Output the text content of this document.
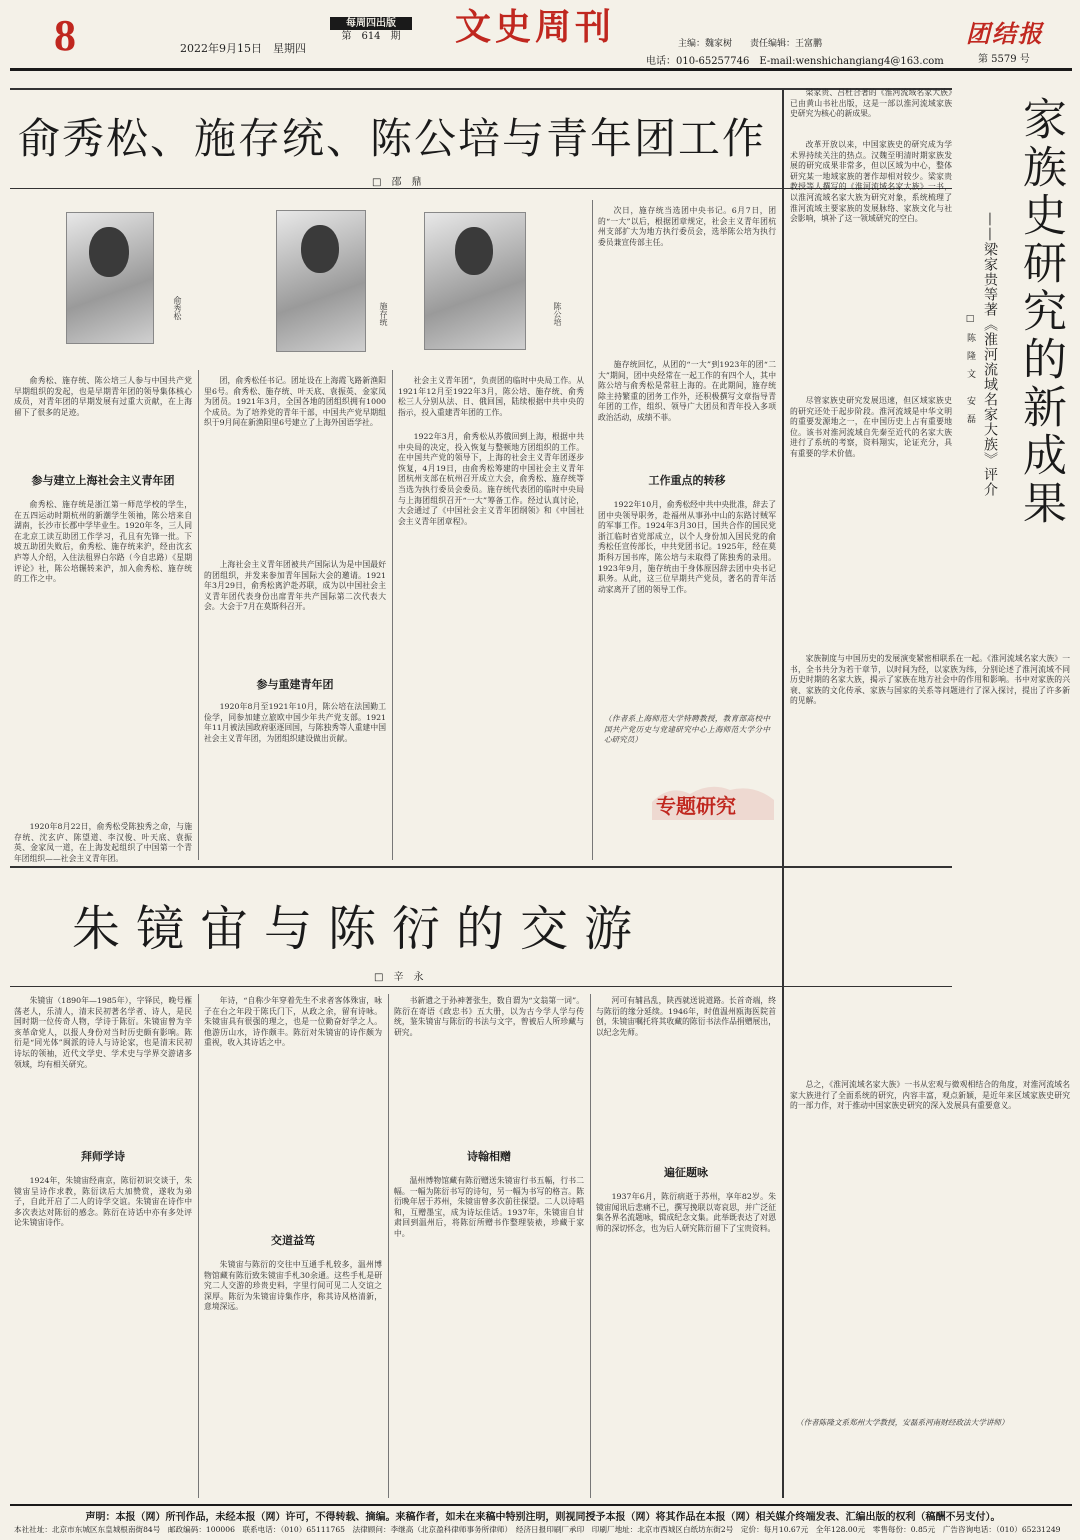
8	2022年9月15日　星期四
每周四出版
第　614　期	文史周刊	主编：魏家树　　责任编辑：王富鹏
电话：010-65257746　E-mail:wenshichangiang4@163.com
团结报
第 5579 号
俞秀松、施存统、陈公培与青年团工作
□　邵　鼎
俞秀松	施存统	陈公培
俞秀松、施存统、陈公培三人参与中国共产党早期组织的发起，也是早期青年团的领导集体核心成员，对青年团的早期发展有过重大贡献，在上海留下了很多的足迹。
参与建立上海社会主义青年团
俞秀松、施存统是浙江第一师范学校的学生，在五四运动时期杭州的新潮学生领袖，陈公培来自湖南，长沙市长郡中学毕业生。1920年冬，三人同在北京工读互助团工作学习，孔且有先锋一批。下坡五助团失败后，俞秀松、施存统来沪，经由沈玄庐等人介绍，入住法租界白尔路（今自忠路）《星期评论》社，陈公培辗转来沪，加入俞秀松、施存统的工作之中。
1920年8月22日，俞秀松受陈独秀之命，与施存统、沈玄庐、陈望道、李汉俊、叶天底、袁振英、金家凤一道，在上海发起组织了中国第一个青年团组织——社会主义青年团。
团，俞秀松任书记。团址设在上海霞飞路新渔阳里6号。俞秀松、施存统、叶天底、袁振英、金家凤为团员。1921年3月，全国各地的团组织拥有1000个成员。为了培养党的青年干部，中国共产党早期组织于9月间在新渔阳里6号建立了上海外国语学社。
上海社会主义青年团被共产国际认为是中国最好的团组织，并发来参加青年国际大会的邀请。1921年3月29日，俞秀松离沪赴苏联，成为以中国社会主义青年团代表身份出席青年共产国际第二次代表大会。大会于7月在莫斯科召开。
参与重建青年团
1920年8月至1921年10月，陈公培在法国勤工俭学，同参加建立旅欧中国少年共产党支部。1921年11月被法国政府驱逐回国，与陈独秀等人重建中国社会主义青年团，为团组织建设做出贡献。
社会主义青年团”，负责团的临时中央局工作。从1921年12月至1922年3月，陈公培、施存统、俞秀松三人分别从法、日、俄回国，陆续根据中共中央的指示，投入重建青年团的工作。
1922年3月，俞秀松从苏俄回到上海，根据中共中央局的决定，投入恢复与整顿地方团组织的工作。在中国共产党的领导下，上海的社会主义青年团逐步恢复，4月19日，由俞秀松筹建的中国社会主义青年团杭州支部在杭州召开成立大会，俞秀松、施存统等当选为执行委员会委员。施存统代表团的临时中央局与上海团组织召开“一大”筹备工作。经过认真讨论，大会通过了《中国社会主义青年团纲领》和《中国社会主义青年团章程》。
次日，施存统当选团中央书记。6月7日，团的“一大”以后，根据团章规定，社会主义青年团杭州支部扩大为地方执行委员会，选举陈公培为执行委员兼宣传部主任。
施存统回忆，从团的“一大”到1923年的团“二大”期间，团中央经常在一起工作的有四个人，其中陈公培与俞秀松是常驻上海的。在此期间，施存统除主持繁重的团务工作外，还积极撰写文章指导青年团的工作，组织、领导广大团员和青年投入多项政治活动，成绩不菲。
工作重点的转移
1922年10月，俞秀松经中共中央批准，辞去了团中央领导职务，赴福州从事孙中山的东路讨贼军的军事工作。1924年3月30日，国共合作的国民党浙江临时省党部成立，以个人身份加入国民党的俞秀松任宣传部长，中共党团书记。1925年，经在莫斯科万国书库，陈公培与未取得了陈独秀的录用。1923年9月，施存统由于身体原因辞去团中央书记职务。从此，这三位早期共产党员，著名的青年活动家离开了团的领导工作。
（作者系上海师范大学特聘教授，教育部高校中国共产党历史与党建研究中心上海师范大学分中心研究员）
专题研究
朱镜宙与陈衍的交游
□　辛　永
朱镜宙（1890年—1985年），字铎民，晚号雁荡老人，乐清人，清末民初著名学者、诗人，是民国时期一位传奇人物，学诗于陈衍。朱镜宙曾为辛亥革命党人，以报人身份对当时历史颇有影响。陈衍是“同光体”闽派的诗人与诗论家，也是清末民初诗坛的领袖，近代文学史、学术史与学界交游诸多领域，均有相关研究。
拜师学诗
1924年，朱镜宙经南京，陈衍初识交谈于，朱镜宙呈诗作求教，陈衍读后大加赞赏，遂收为弟子，自此开启了二人的诗学交谊。朱镜宙在诗作中多次表达对陈衍的感念。陈衍在诗话中亦有多处评论朱镜宙诗作。
年诗，“自称少年穿着先生不求者客体殊宙，咏子在台之年段于陈氏门下，从政之余，留有诗咏。朱镜宙具有很强的理之，也是一位勤奋好学之人。他游历山水，诗作颇丰。陈衍对朱镜宙的诗作颇为重视，收入其诗话之中。
交道益笃
朱镜宙与陈衍的交往中互通手札较多，温州博物馆藏有陈衍致朱镜宙手札30余通。这些手札是研究二人交游的珍贵史料，字里行间可见二人交谊之深厚。陈衍为朱镜宙诗集作序，称其诗风格清新，意境深远。
书新遗之于孙神著张生，数自谓为“文翁第一词”。陈衍在寄语《政忠书》五大册，以为古今学人学与传统，鉴朱镜宙与陈衍的书法与文字，曾被后人所珍藏与研究。
诗翰相赠
温州博物馆藏有陈衍赠送朱镜宙行书五幅，行书二幅。一幅为陈衍书写的诗句，另一幅为书写的格言。陈衍晚年居于苏州，朱镜宙曾多次前往探望。二人以诗唱和，互赠墨宝，成为诗坛佳话。1937年，朱镜宙自甘肃回到温州后，将陈衍所赠书作整理装裱，珍藏于家中。
河可有辅昌乱，陕西就送说道路。长首奇端，终与陈衍的缘分延续。1946年，时值温州瓯海医院首创，朱镜宙嘱托将其收藏的陈衍书法作品捐赠展出，以纪念先师。
遍征题咏
1937年6月，陈衍病逝于苏州，享年82岁。朱镜宙闻讯后悲痛不已，撰写挽联以寄哀思，并广泛征集各界名流题咏，辑成纪念文集。此举既表达了对恩师的深切怀念，也为后人研究陈衍留下了宝贵资料。
家族史研究的新成果
——梁家贵等著《淮河流域名家大族》评介
□　陈　隆　文　　安　磊
梁家贵、吕杜合著的《淮河流域名家大族》已由黄山书社出版，这是一部以淮河流域家族史研究为核心的新成果。
改革开放以来，中国家族史的研究成为学术界持续关注的热点。汉魏至明清时期家族发展的研究成果非常多，但以区域为中心，整体研究某一地域家族的著作却相对较少。梁家贵教授等人撰写的《淮河流域名家大族》一书，以淮河流域名家大族为研究对象，系统梳理了淮河流域主要家族的发展脉络、家族文化与社会影响，填补了这一领域研究的空白。
尽管家族史研究发展迅速，但区域家族史的研究还处于起步阶段。淮河流域是中华文明的重要发源地之一，在中国历史上占有重要地位。该书对淮河流域自先秦至近代的名家大族进行了系统的考察，资料翔实，论证充分，具有重要的学术价值。
家族制度与中国历史的发展演变紧密相联系在一起。《淮河流域名家大族》一书，全书共分为若干章节，以时间为经，以家族为纬，分别论述了淮河流域不同历史时期的名家大族，揭示了家族在地方社会中的作用和影响。书中对家族的兴衰、家族的文化传承、家族与国家的关系等问题进行了深入探讨，提出了许多新的见解。
总之，《淮河流域名家大族》一书从宏观与微观相结合的角度，对淮河流域名家大族进行了全面系统的研究，内容丰富，观点新颖，是近年来区域家族史研究的一部力作，对于推动中国家族史研究的深入发展具有重要意义。
（作者陈隆文系郑州大学教授，安磊系河南财经政法大学讲师）
声明：本报（网）所刊作品，未经本报（网）许可，不得转载、摘编。来稿作者，如未在来稿中特别注明，则视同授予本报（网）将其作品在本报（网）相关媒介终端发表、汇编出版的权利（稿酬不另支付）。
本社社址：北京市东城区东皇城根南街84号　邮政编码：100006　联系电话：（010）65111765　法律顾问：李继高（北京盈科律师事务所律师）　经济日报印刷厂承印　印刷厂地址：北京市西城区白纸坊东街2号　定价：每月10.67元　全年128.00元　零售每份：0.85元　广告咨询电话：（010）65231249
